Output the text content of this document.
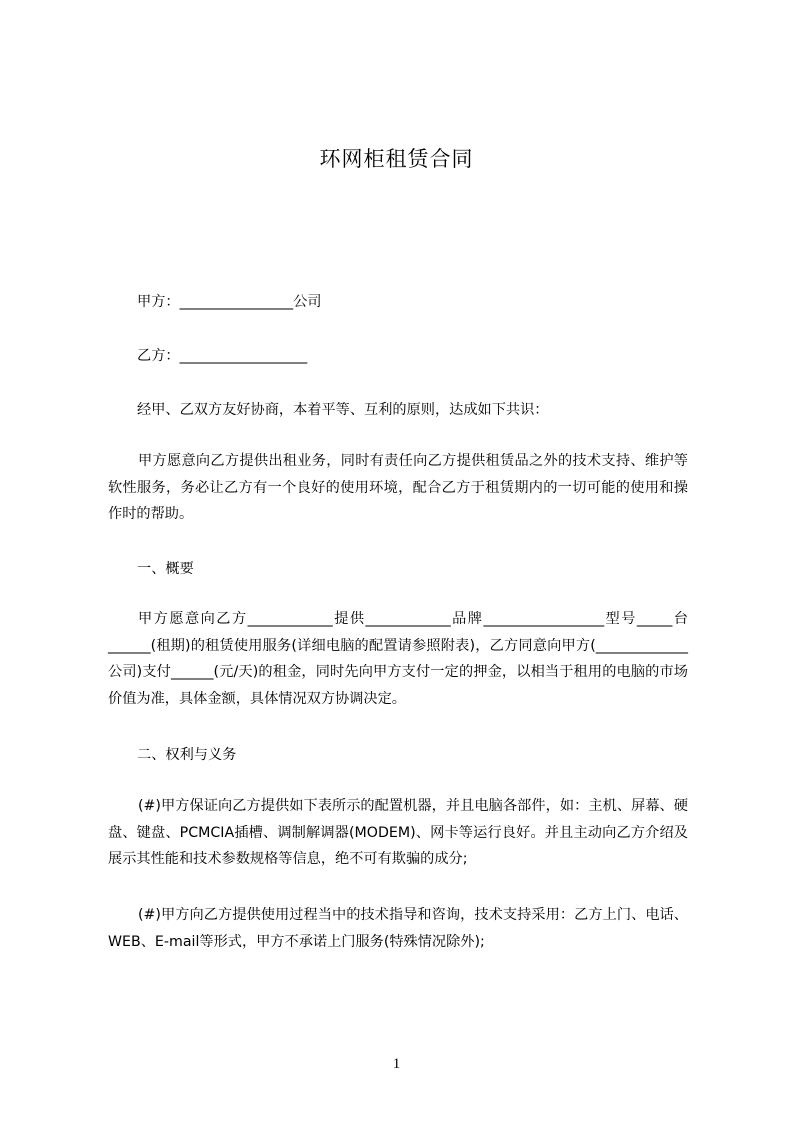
环网柜租赁合同
甲方：________________公司
乙方：__________________
经甲、乙双方友好协商，本着平等、互利的原则，达成如下共识：
甲方愿意向乙方提供出租业务，同时有责任向乙方提供租赁品之外的技术支持、维护等软性服务，务必让乙方有一个良好的使用环境，配合乙方于租赁期内的一切可能的使用和操作时的帮助。
一、概要
甲方愿意向乙方____________提供____________品牌_________________型号_____台______(租期)的租赁使用服务(详细电脑的配置请参照附表)，乙方同意向甲方(_____________公司)支付______(元/天)的租金，同时先向甲方支付一定的押金，以相当于租用的电脑的市场价值为准，具体金额，具体情况双方协调决定。
二、权利与义务
(#)甲方保证向乙方提供如下表所示的配置机器，并且电脑各部件，如：主机、屏幕、硬盘、键盘、PCMCIA插槽、调制解调器(MODEM)、网卡等运行良好。并且主动向乙方介绍及展示其性能和技术参数规格等信息，绝不可有欺骗的成分;
(#)甲方向乙方提供使用过程当中的技术指导和咨询，技术支持采用：乙方上门、电话、WEB、E-mail等形式，甲方不承诺上门服务(特殊情况除外);
1
